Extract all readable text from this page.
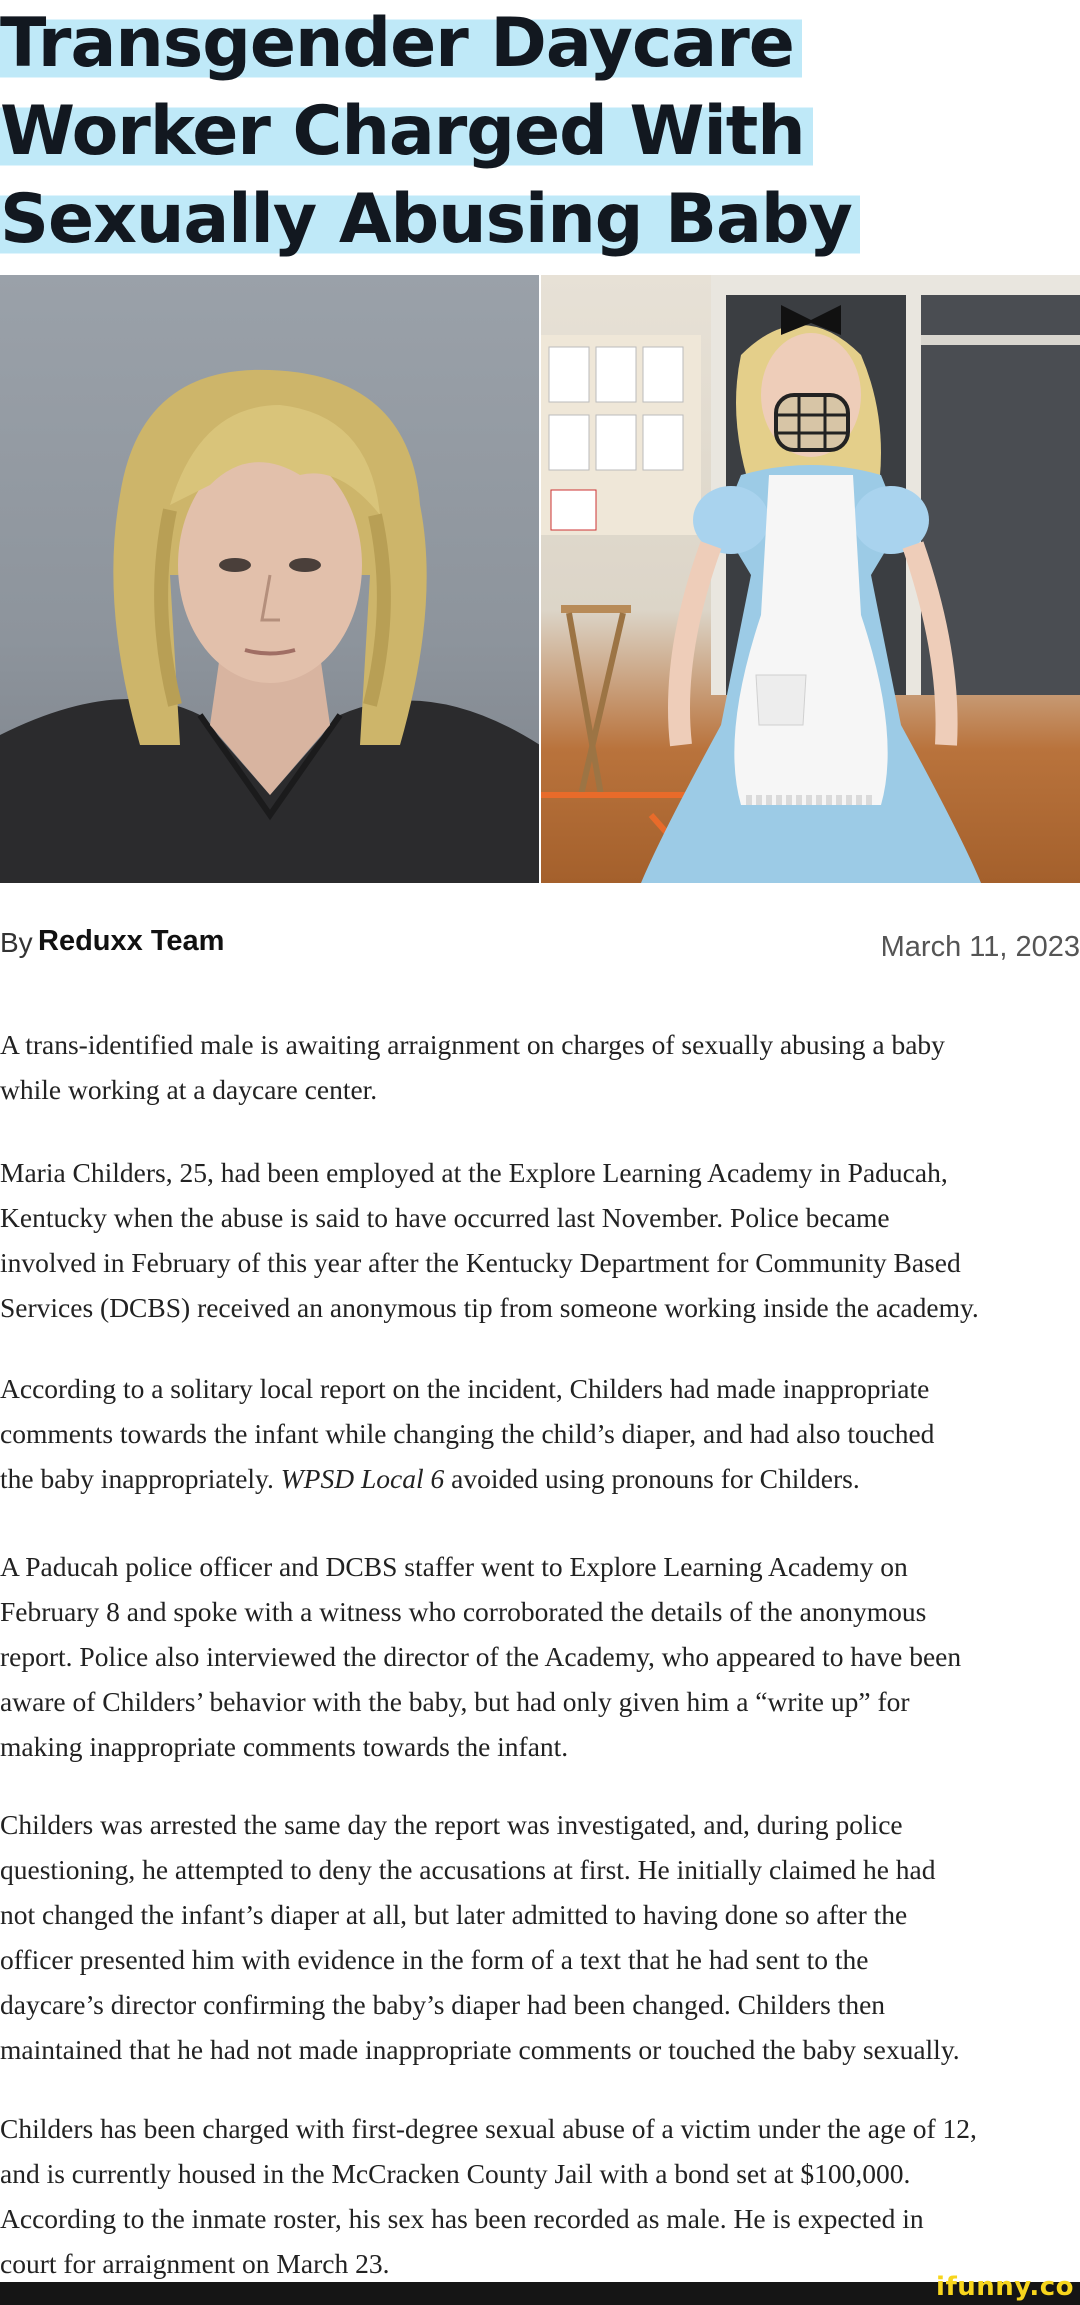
Transgender Daycare
Worker Charged With
Sexually Abusing Baby
By Reduxx Team	March 11, 2023

A trans-identified male is awaiting arraignment on charges of sexually abusing a baby
while working at a daycare center.

Maria Childers, 25, had been employed at the Explore Learning Academy in Paducah,
Kentucky when the abuse is said to have occurred last November. Police became
involved in February of this year after the Kentucky Department for Community Based
Services (DCBS) received an anonymous tip from someone working inside the academy.

According to a solitary local report on the incident, Childers had made inappropriate
comments towards the infant while changing the child’s diaper, and had also touched
the baby inappropriately. WPSD Local 6 avoided using pronouns for Childers.

A Paducah police officer and DCBS staffer went to Explore Learning Academy on
February 8 and spoke with a witness who corroborated the details of the anonymous
report. Police also interviewed the director of the Academy, who appeared to have been
aware of Childers’ behavior with the baby, but had only given him a “write up” for
making inappropriate comments towards the infant.

Childers was arrested the same day the report was investigated, and, during police
questioning, he attempted to deny the accusations at first. He initially claimed he had
not changed the infant’s diaper at all, but later admitted to having done so after the
officer presented him with evidence in the form of a text that he had sent to the
daycare’s director confirming the baby’s diaper had been changed. Childers then
maintained that he had not made inappropriate comments or touched the baby sexually.

Childers has been charged with first-degree sexual abuse of a victim under the age of 12,
and is currently housed in the McCracken County Jail with a bond set at $100,000.
According to the inmate roster, his sex has been recorded as male. He is expected in
court for arraignment on March 23.

ifunny.co
